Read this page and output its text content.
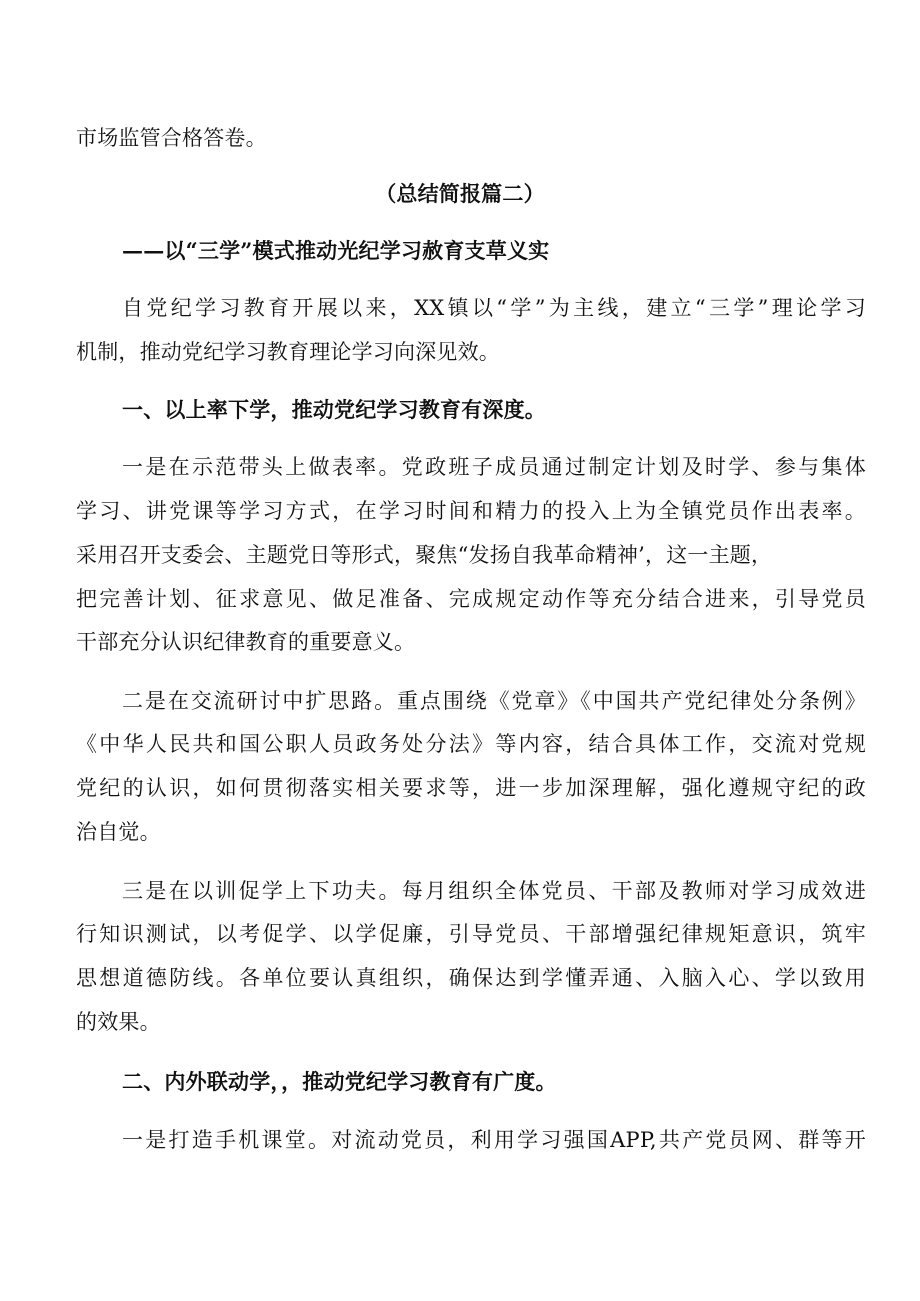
市场监管合格答卷。
（总结简报篇二）
——以“三学”模式推动光纪学习赦育支草义实
自党纪学习教育开展以来，XX镇以“学”为主线，建立“三学”理论学习
机制，推动党纪学习教育理论学习向深见效。
一、以上率下学，推动党纪学习教育有深度。
一是在示范带头上做表率。党政班子成员通过制定计划及时学、参与集体
学习、讲党课等学习方式，在学习时间和精力的投入上为全镇党员作出表率。
采用召开支委会、主题党日等形式，聚焦“发扬自我革命精神’，这一主题，
把完善计划、征求意见、做足准备、完成规定动作等充分结合进来，引导党员
干部充分认识纪律教育的重要意义。
二是在交流研讨中扩思路。重点围绕《党章》《中国共产党纪律处分条例》
《中华人民共和国公职人员政务处分法》等内容，结合具体工作，交流对党规
党纪的认识，如何贯彻落实相关要求等，进一步加深理解，强化遵规守纪的政
治自觉。
三是在以训促学上下功夫。每月组织全体党员、干部及教师对学习成效进
行知识测试，以考促学、以学促廉，引导党员、干部增强纪律规矩意识，筑牢
思想道德防线。各单位要认真组织，确保达到学懂弄通、入脑入心、学以致用
的效果。
二、内外联动学，，推动党纪学习教育有广度。
一是打造手机课堂。对流动党员，利用学习强国APP,共产党员网、群等开
